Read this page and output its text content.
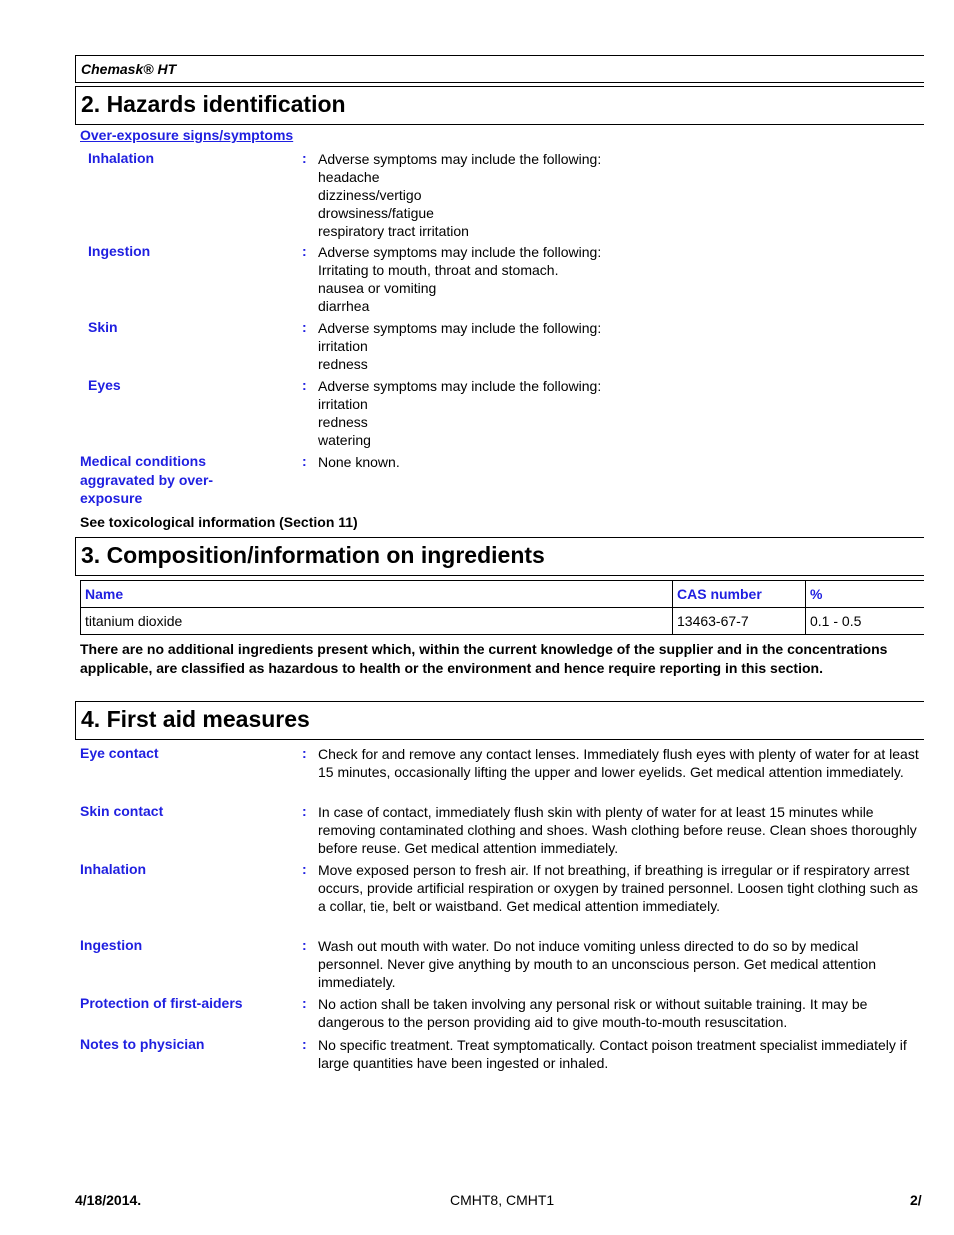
Chemask® HT
2. Hazards identification
Over-exposure signs/symptoms
Inhalation	: Adverse symptoms may include the following:
headache
dizziness/vertigo
drowsiness/fatigue
respiratory tract irritation
Ingestion	: Adverse symptoms may include the following:
Irritating to mouth, throat and stomach.
nausea or vomiting
diarrhea
Skin	: Adverse symptoms may include the following:
irritation
redness
Eyes	: Adverse symptoms may include the following:
irritation
redness
watering
Medical conditions
aggravated by over-
exposure
: None known.
See toxicological information (Section 11)
3. Composition/information on ingredients
Name	CAS number	%
titanium dioxide	13463-67-7	0.1 - 0.5
There are no additional ingredients present which, within the current knowledge of the supplier and in the concentrations applicable, are classified as hazardous to health or the environment and hence require reporting in this section.
4. First aid measures
Eye contact	: Check for and remove any contact lenses. Immediately flush eyes with plenty of water for at least 15 minutes, occasionally lifting the upper and lower eyelids. Get medical attention immediately.
Skin contact	: In case of contact, immediately flush skin with plenty of water for at least 15 minutes while removing contaminated clothing and shoes. Wash clothing before reuse. Clean shoes thoroughly before reuse. Get medical attention immediately.
Inhalation	: Move exposed person to fresh air. If not breathing, if breathing is irregular or if respiratory arrest occurs, provide artificial respiration or oxygen by trained personnel. Loosen tight clothing such as a collar, tie, belt or waistband. Get medical attention immediately.
Ingestion	: Wash out mouth with water. Do not induce vomiting unless directed to do so by medical personnel. Never give anything by mouth to an unconscious person. Get medical attention immediately.
Protection of first-aiders	: No action shall be taken involving any personal risk or without suitable training. It may be dangerous to the person providing aid to give mouth-to-mouth resuscitation.
Notes to physician	: No specific treatment. Treat symptomatically. Contact poison treatment specialist immediately if large quantities have been ingested or inhaled.
4/18/2014.	CMHT8, CMHT1	2/
